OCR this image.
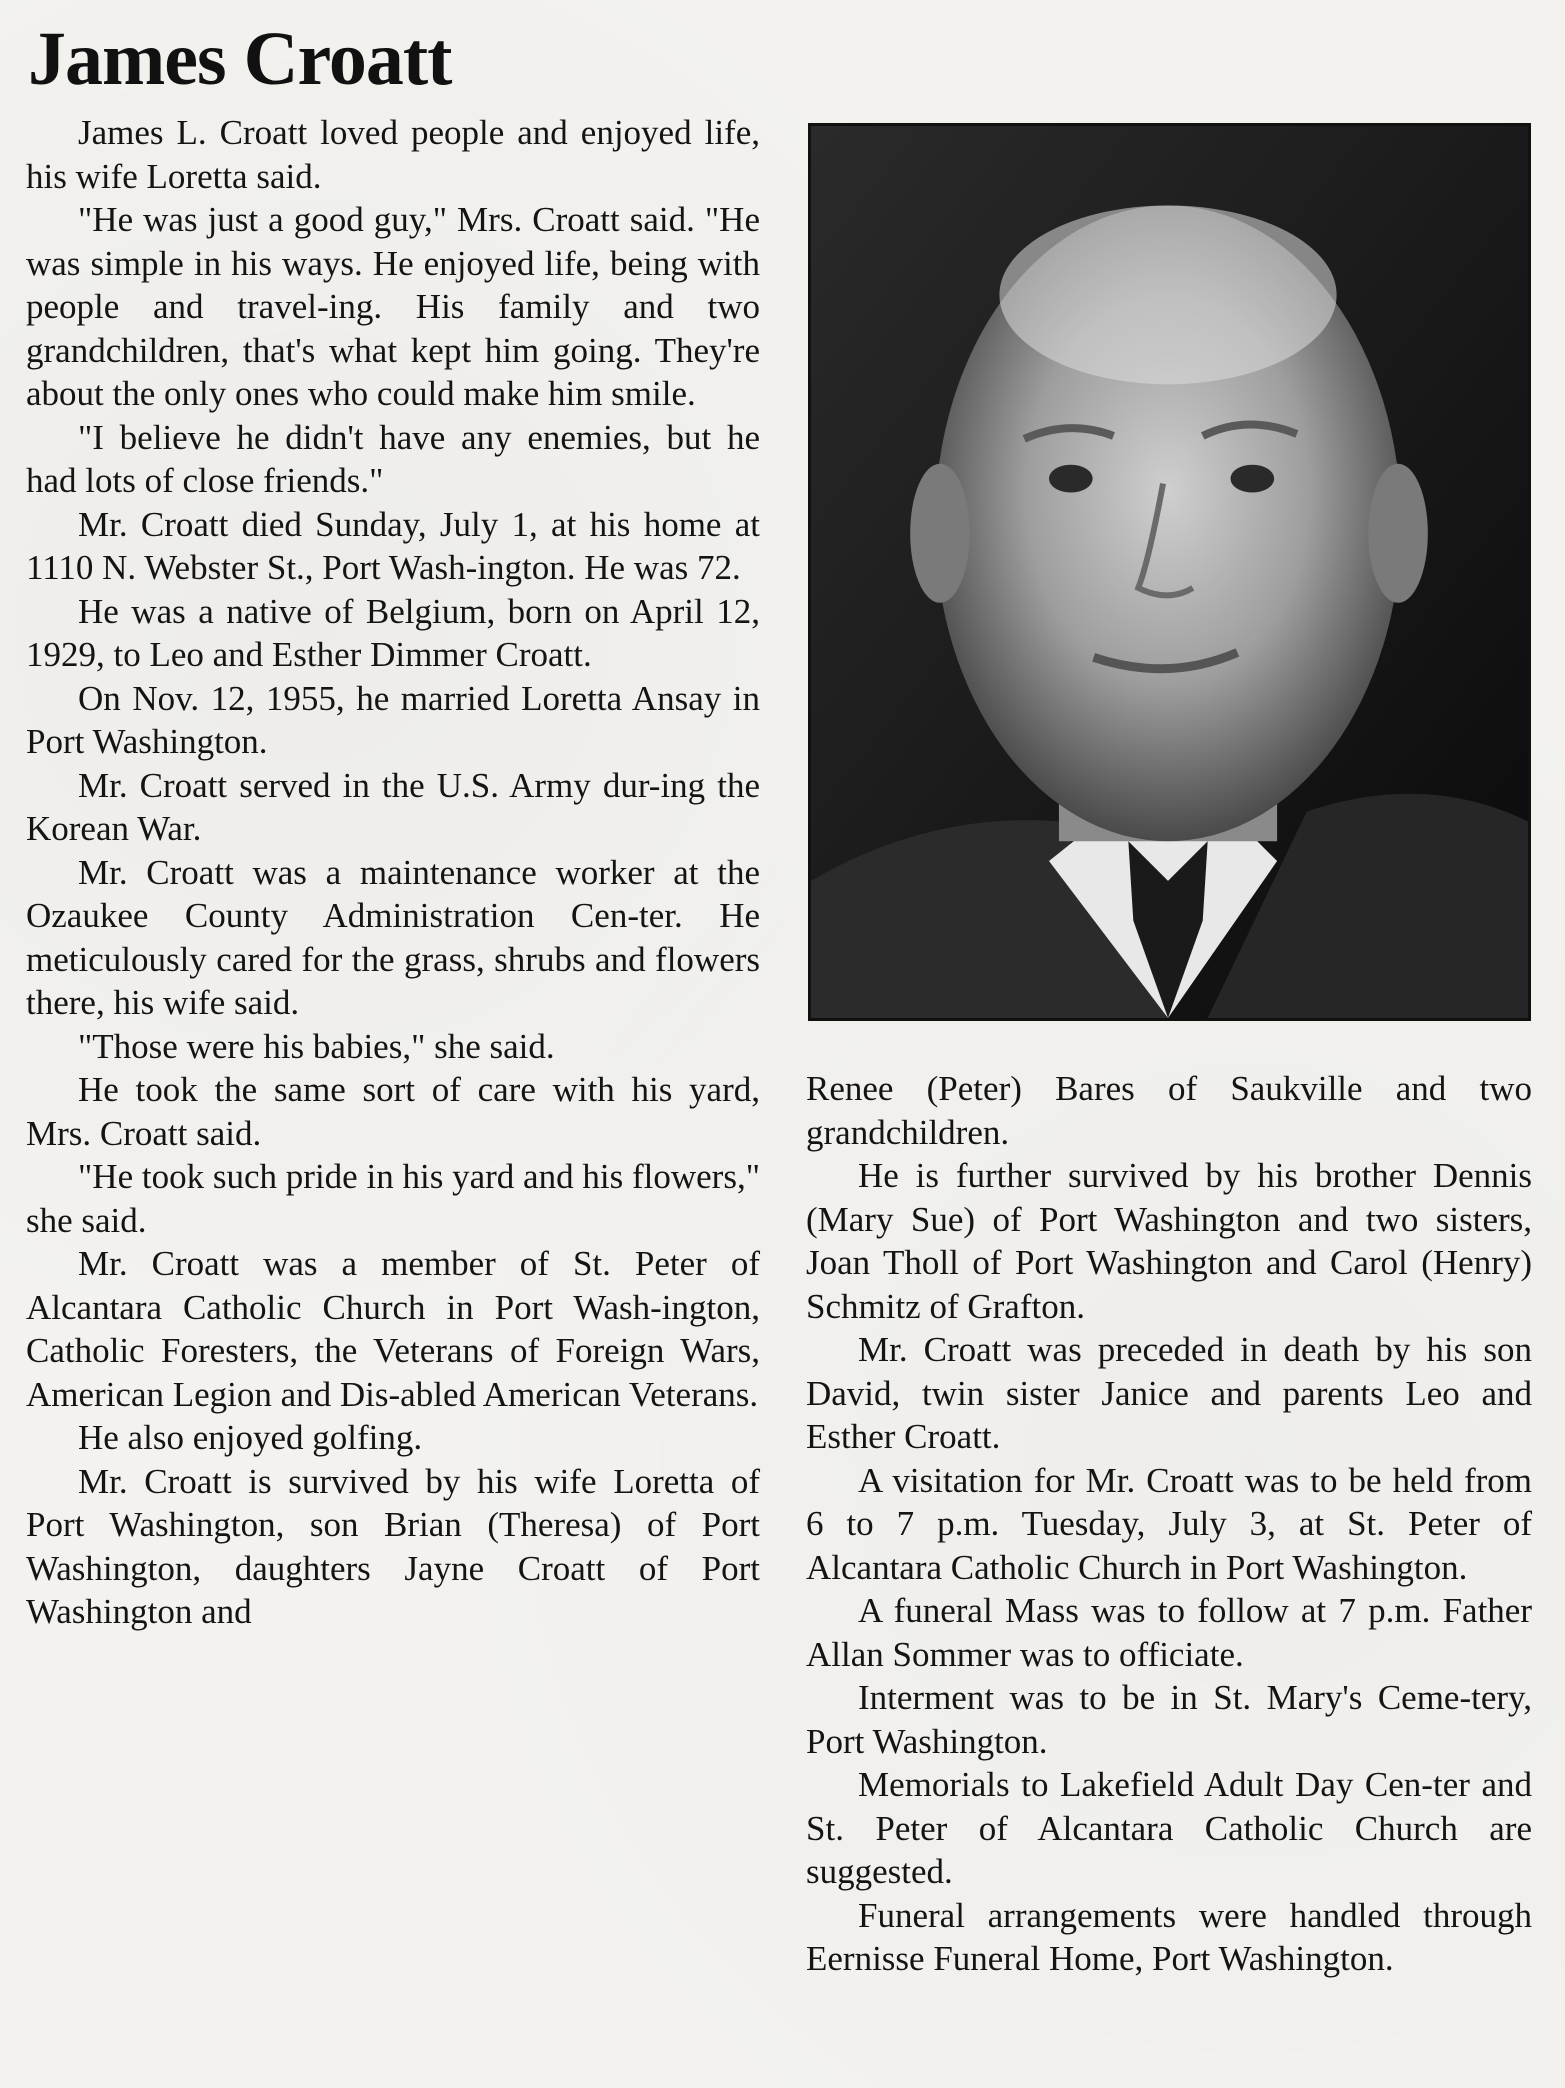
James Croatt

James L. Croatt loved people and enjoyed life, his wife Loretta said.

"He was just a good guy," Mrs. Croatt said. "He was simple in his ways. He enjoyed life, being with people and travel-ing. His family and two grandchildren, that's what kept him going. They're about the only ones who could make him smile.

"I believe he didn't have any enemies, but he had lots of close friends."

Mr. Croatt died Sunday, July 1, at his home at 1110 N. Webster St., Port Wash-ington. He was 72.

He was a native of Belgium, born on April 12, 1929, to Leo and Esther Dimmer Croatt.

On Nov. 12, 1955, he married Loretta Ansay in Port Washington.

Mr. Croatt served in the U.S. Army dur-ing the Korean War.

Mr. Croatt was a maintenance worker at the Ozaukee County Administration Cen-ter. He meticulously cared for the grass, shrubs and flowers there, his wife said.

"Those were his babies," she said.

He took the same sort of care with his yard, Mrs. Croatt said.

"He took such pride in his yard and his flowers," she said.

Mr. Croatt was a member of St. Peter of Alcantara Catholic Church in Port Wash-ington, Catholic Foresters, the Veterans of Foreign Wars, American Legion and Dis-abled American Veterans.

He also enjoyed golfing.

Mr. Croatt is survived by his wife Loretta of Port Washington, son Brian (Theresa) of Port Washington, daughters Jayne Croatt of Port Washington and

Renee (Peter) Bares of Saukville and two grandchildren.

He is further survived by his brother Dennis (Mary Sue) of Port Washington and two sisters, Joan Tholl of Port Washington and Carol (Henry) Schmitz of Grafton.

Mr. Croatt was preceded in death by his son David, twin sister Janice and parents Leo and Esther Croatt.

A visitation for Mr. Croatt was to be held from 6 to 7 p.m. Tuesday, July 3, at St. Peter of Alcantara Catholic Church in Port Washington.

A funeral Mass was to follow at 7 p.m. Father Allan Sommer was to officiate.

Interment was to be in St. Mary's Ceme-tery, Port Washington.

Memorials to Lakefield Adult Day Cen-ter and St. Peter of Alcantara Catholic Church are suggested.

Funeral arrangements were handled through Eernisse Funeral Home, Port Washington.
